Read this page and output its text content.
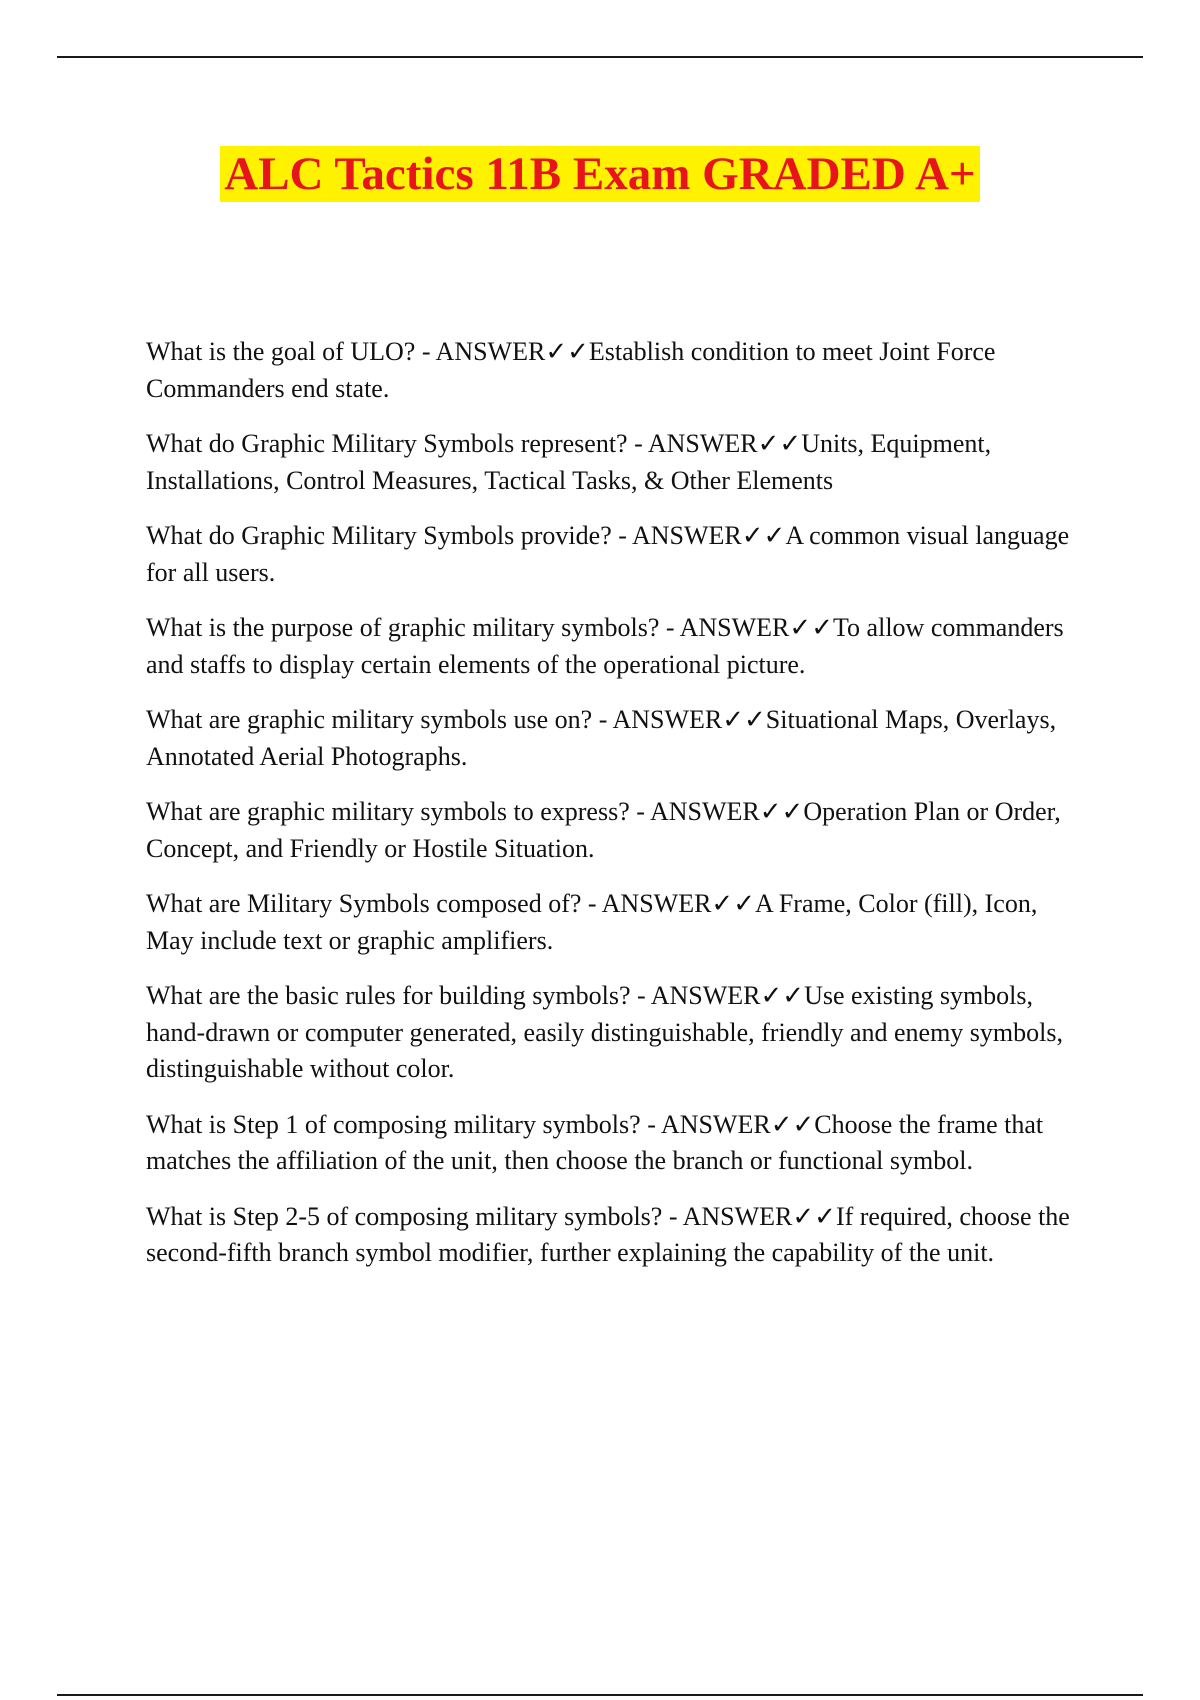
ALC Tactics 11B Exam GRADED A+

What is the goal of ULO? - ANSWER✓✓Establish condition to meet Joint Force Commanders end state.

What do Graphic Military Symbols represent? - ANSWER✓✓Units, Equipment, Installations, Control Measures, Tactical Tasks, & Other Elements

What do Graphic Military Symbols provide? - ANSWER✓✓A common visual language for all users.

What is the purpose of graphic military symbols? - ANSWER✓✓To allow commanders and staffs to display certain elements of the operational picture.

What are graphic military symbols use on? - ANSWER✓✓Situational Maps, Overlays, Annotated Aerial Photographs.

What are graphic military symbols to express? - ANSWER✓✓Operation Plan or Order, Concept, and Friendly or Hostile Situation.

What are Military Symbols composed of? - ANSWER✓✓A Frame, Color (fill), Icon, May include text or graphic amplifiers.

What are the basic rules for building symbols? - ANSWER✓✓Use existing symbols, hand-drawn or computer generated, easily distinguishable, friendly and enemy symbols, distinguishable without color.

What is Step 1 of composing military symbols? - ANSWER✓✓Choose the frame that matches the affiliation of the unit, then choose the branch or functional symbol.

What is Step 2-5 of composing military symbols? - ANSWER✓✓If required, choose the second-fifth branch symbol modifier, further explaining the capability of the unit.
